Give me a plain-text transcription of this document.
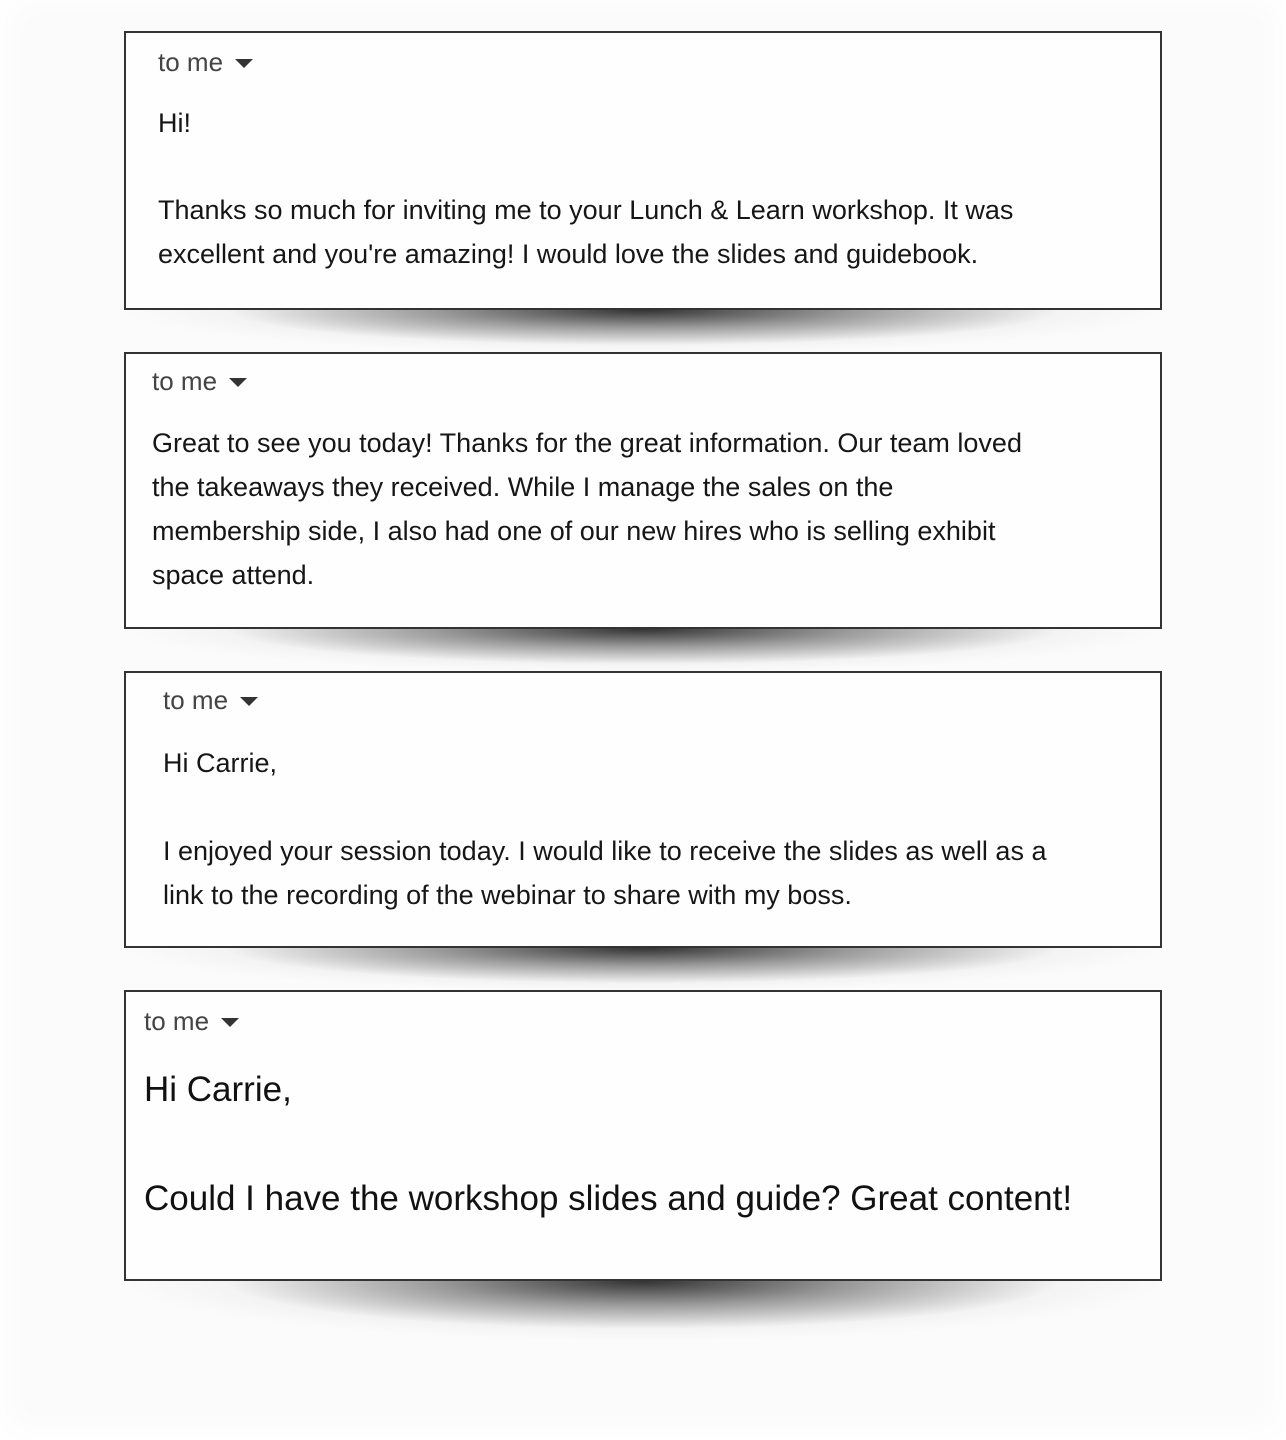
to me
Hi!
Thanks so much for inviting me to your Lunch & Learn workshop. It was
excellent and you're amazing! I would love the slides and guidebook.
to me
Great to see you today! Thanks for the great information. Our team loved
the takeaways they received. While I manage the sales on the
membership side, I also had one of our new hires who is selling exhibit
space attend.
to me
Hi Carrie,
I enjoyed your session today. I would like to receive the slides as well as a
link to the recording of the webinar to share with my boss.
to me
Hi Carrie,
Could I have the workshop slides and guide? Great content!
